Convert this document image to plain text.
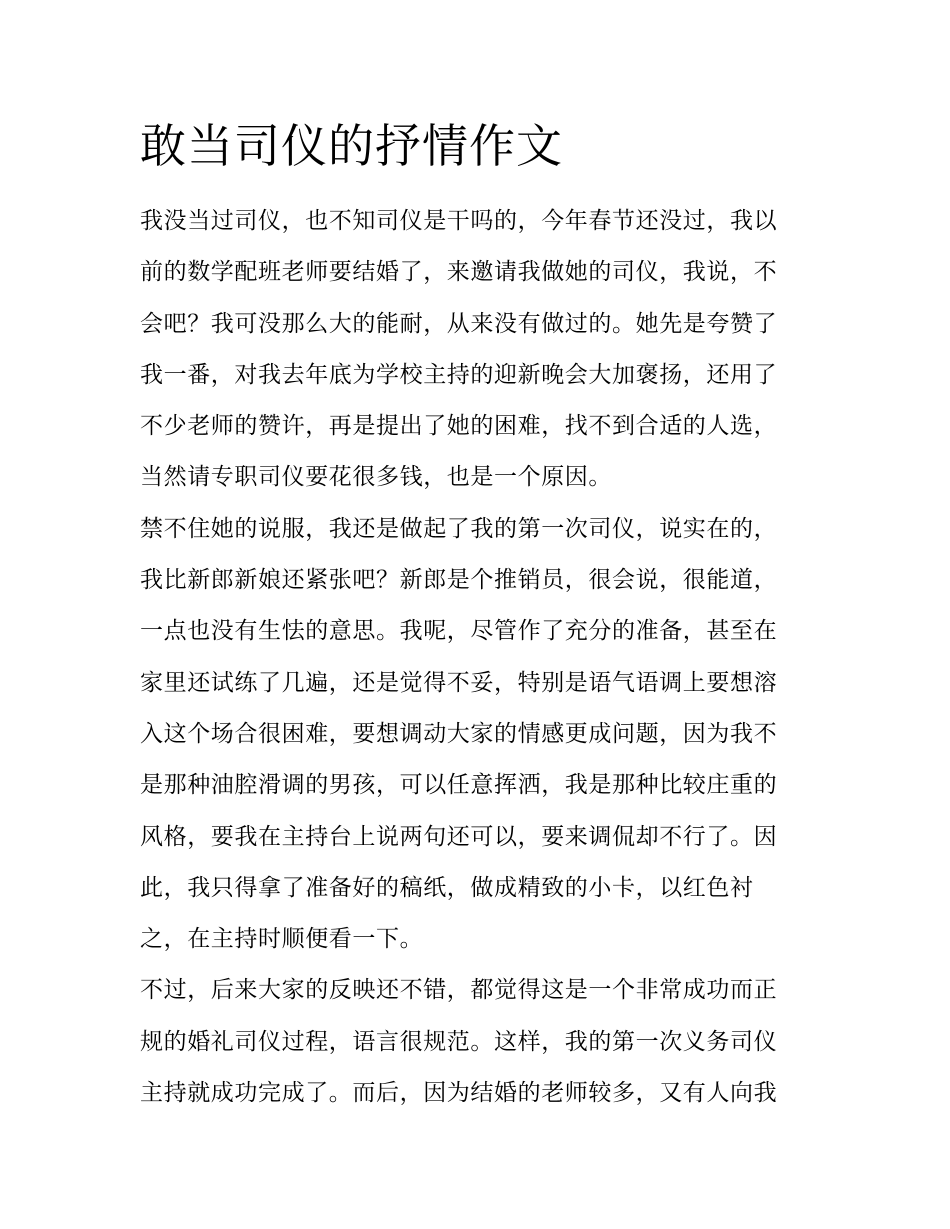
敢当司仪的抒情作文
我没当过司仪，也不知司仪是干吗的，今年春节还没过，我以
前的数学配班老师要结婚了，来邀请我做她的司仪，我说，不
会吧？我可没那么大的能耐，从来没有做过的。她先是夸赞了
我一番，对我去年底为学校主持的迎新晚会大加褒扬，还用了
不少老师的赞许，再是提出了她的困难，找不到合适的人选，
当然请专职司仪要花很多钱，也是一个原因。
禁不住她的说服，我还是做起了我的第一次司仪，说实在的，
我比新郎新娘还紧张吧？新郎是个推销员，很会说，很能道，
一点也没有生怯的意思。我呢，尽管作了充分的准备，甚至在
家里还试练了几遍，还是觉得不妥，特别是语气语调上要想溶
入这个场合很困难，要想调动大家的情感更成问题，因为我不
是那种油腔滑调的男孩，可以任意挥洒，我是那种比较庄重的
风格，要我在主持台上说两句还可以，要来调侃却不行了。因
此，我只得拿了准备好的稿纸，做成精致的小卡，以红色衬
之，在主持时顺便看一下。
不过，后来大家的反映还不错，都觉得这是一个非常成功而正
规的婚礼司仪过程，语言很规范。这样，我的第一次义务司仪
主持就成功完成了。而后，因为结婚的老师较多，又有人向我
